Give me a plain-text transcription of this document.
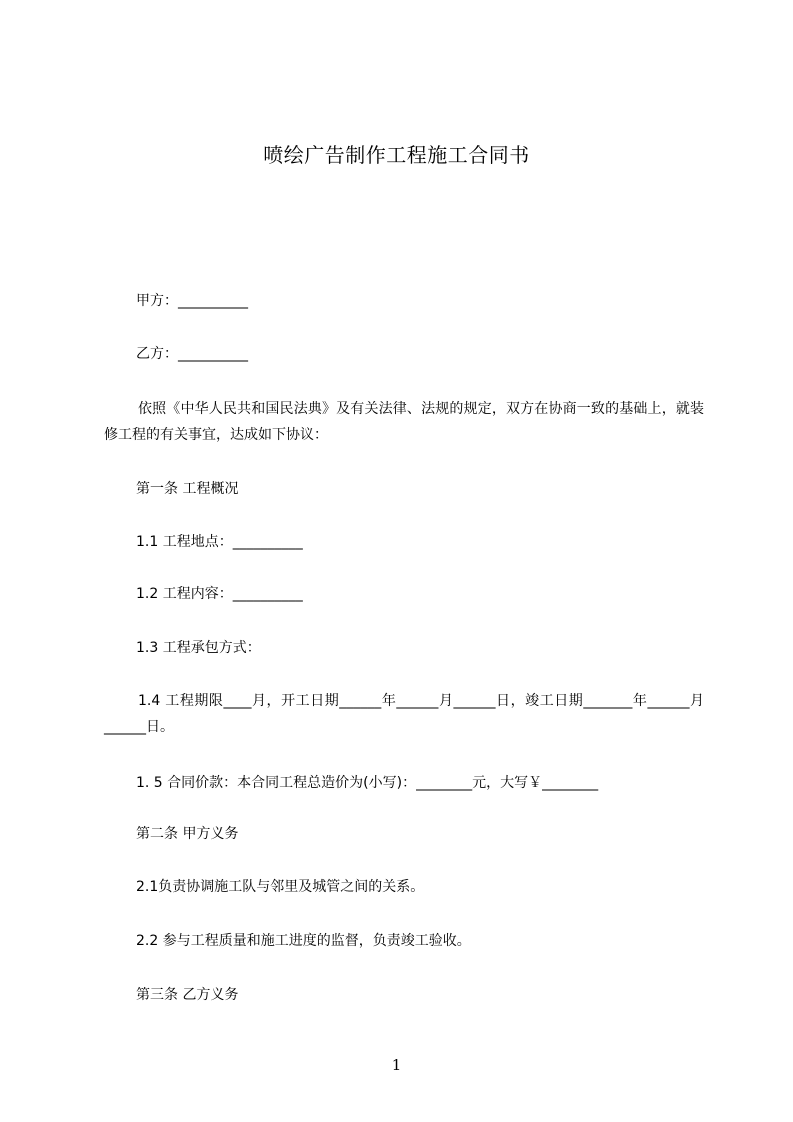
喷绘广告制作工程施工合同书
甲方：__________
乙方：__________
依照《中华人民共和国民法典》及有关法律、法规的规定，双方在协商一致的基础上，就装修工程的有关事宜，达成如下协议：
第一条 工程概况
1.1 工程地点：__________
1.2 工程内容：__________
1.3 工程承包方式：
1.4 工程期限____月，开工日期______年______月______日，竣工日期_______年______月______日。
1. 5 合同价款：本合同工程总造价为(小写)：________元，大写￥________
第二条 甲方义务
2.1负责协调施工队与邻里及城管之间的关系。
2.2 参与工程质量和施工进度的监督，负责竣工验收。
第三条 乙方义务
1
